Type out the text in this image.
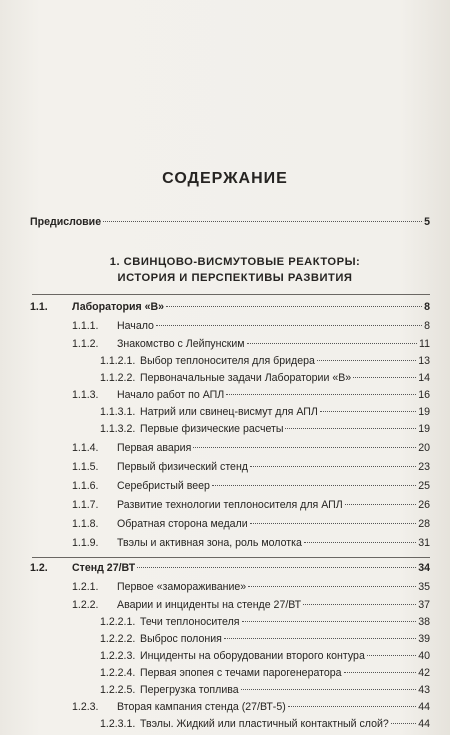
СОДЕРЖАНИЕ
Предисловие	5
1. СВИНЦОВО-ВИСМУТОВЫЕ РЕАКТОРЫ:
ИСТОРИЯ И ПЕРСПЕКТИВЫ РАЗВИТИЯ
1.1.	Лаборатория «В»	8
1.1.1.	Начало	8
1.1.2.	Знакомство с Лейпунским	11
1.1.2.1. Выбор теплоносителя для бридера	13
1.1.2.2. Первоначальные задачи Лаборатории «В»	14
1.1.3.	Начало работ по АПЛ	16
1.1.3.1. Натрий или свинец-висмут для АПЛ	19
1.1.3.2. Первые физические расчеты	19
1.1.4.	Первая авария	20
1.1.5.	Первый физический стенд	23
1.1.6.	Серебристый веер	25
1.1.7.	Развитие технологии теплоносителя для АПЛ	26
1.1.8.	Обратная сторона медали	28
1.1.9.	Твэлы и активная зона, роль молотка	31
1.2.	Стенд 27/ВТ	34
1.2.1.	Первое «замораживание»	35
1.2.2.	Аварии и инциденты на стенде 27/ВТ	37
1.2.2.1. Течи теплоносителя	38
1.2.2.2. Выброс полония	39
1.2.2.3. Инциденты на оборудовании второго контура	40
1.2.2.4. Первая эпопея с течами парогенератора	42
1.2.2.5. Перегрузка топлива	43
1.2.3.	Вторая кампания стенда (27/ВТ-5)	44
1.2.3.1. Твэлы. Жидкий или пластичный контактный слой?	44
